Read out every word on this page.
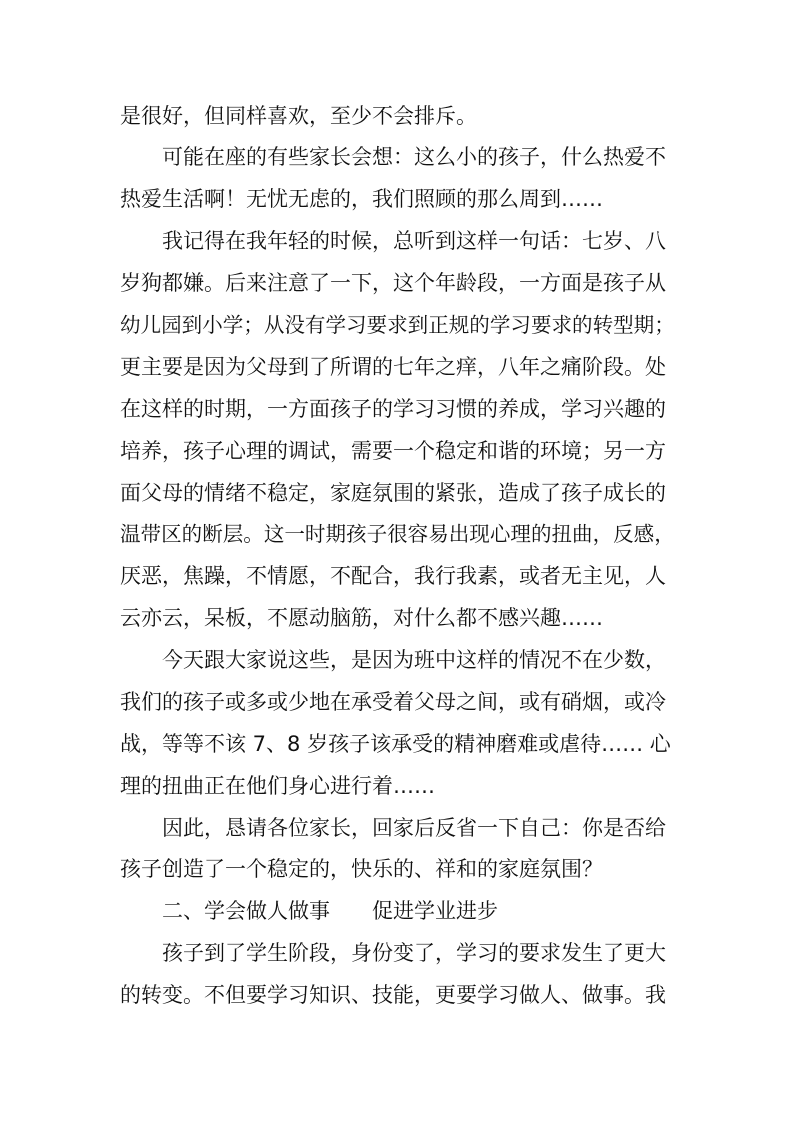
是很好，但同样喜欢，至少不会排斥。
可能在座的有些家长会想：这么小的孩子，什么热爱不
热爱生活啊！无忧无虑的，我们照顾的那么周到……
我记得在我年轻的时候，总听到这样一句话：七岁、八
岁狗都嫌。后来注意了一下，这个年龄段，一方面是孩子从
幼儿园到小学；从没有学习要求到正规的学习要求的转型期；
更主要是因为父母到了所谓的七年之痒，八年之痛阶段。处
在这样的时期，一方面孩子的学习习惯的养成，学习兴趣的
培养，孩子心理的调试，需要一个稳定和谐的环境；另一方
面父母的情绪不稳定，家庭氛围的紧张，造成了孩子成长的
温带区的断层。这一时期孩子很容易出现心理的扭曲，反感，
厌恶，焦躁，不情愿，不配合，我行我素，或者无主见，人
云亦云，呆板，不愿动脑筋，对什么都不感兴趣……
今天跟大家说这些，是因为班中这样的情况不在少数，
我们的孩子或多或少地在承受着父母之间，或有硝烟，或冷
战，等等不该 7、8 岁孩子该承受的精神磨难或虐待…… 心
理的扭曲正在他们身心进行着……
因此，恳请各位家长，回家后反省一下自己：你是否给
孩子创造了一个稳定的，快乐的、祥和的家庭氛围？
二、学会做人做事　　促进学业进步
孩子到了学生阶段，身份变了，学习的要求发生了更大
的转变。不但要学习知识、技能，更要学习做人、做事。我
